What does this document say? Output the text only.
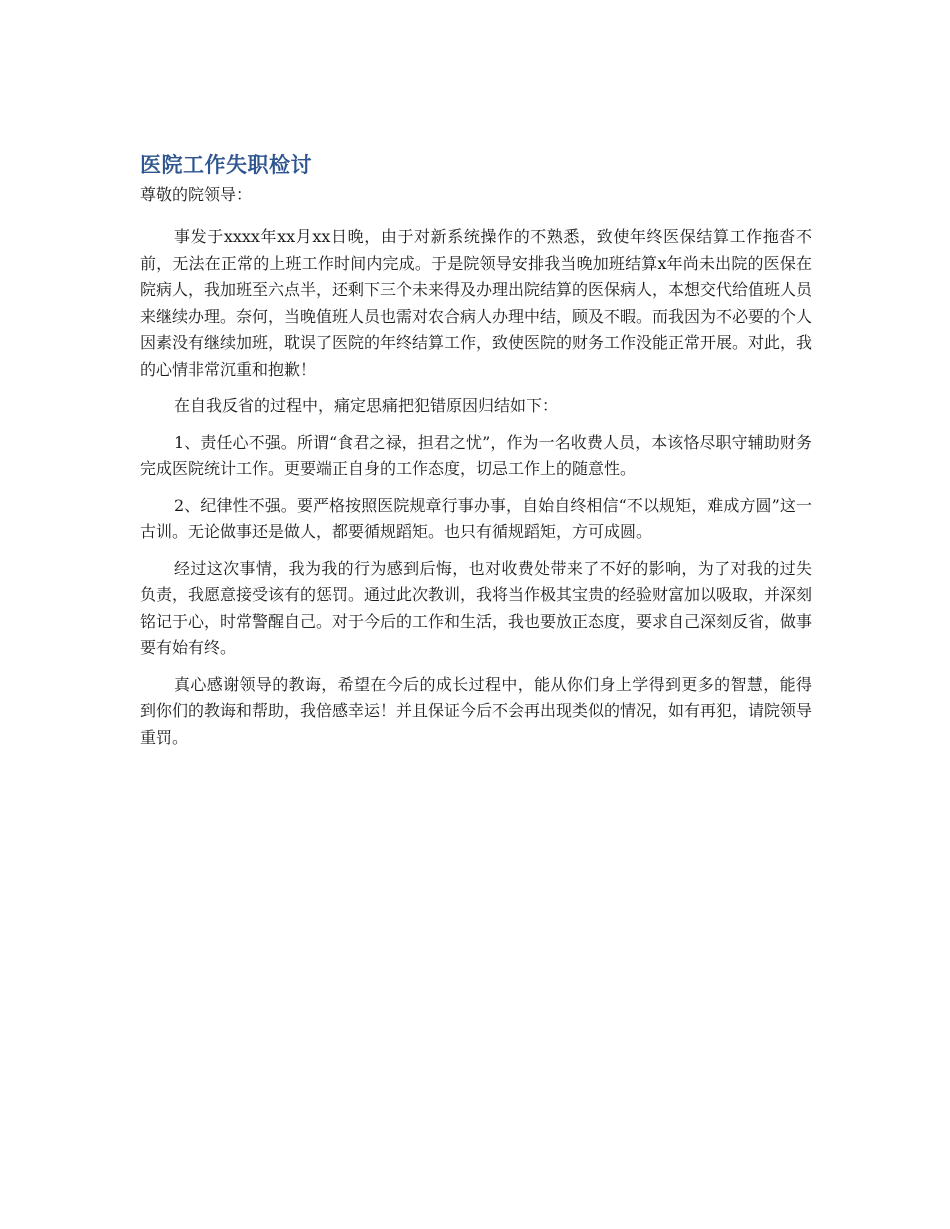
医院工作失职检讨

尊敬的院领导：

事发于xxxx年xx月xx日晚，由于对新系统操作的不熟悉，致使年终医保结算工作拖沓不前，无法在正常的上班工作时间内完成。于是院领导安排我当晚加班结算x年尚未出院的医保在院病人，我加班至六点半，还剩下三个未来得及办理出院结算的医保病人，本想交代给值班人员来继续办理。奈何，当晚值班人员也需对农合病人办理中结，顾及不暇。而我因为不必要的个人因素没有继续加班，耽误了医院的年终结算工作，致使医院的财务工作没能正常开展。对此，我的心情非常沉重和抱歉！

在自我反省的过程中，痛定思痛把犯错原因归结如下：

1、责任心不强。所谓“食君之禄，担君之忧”，作为一名收费人员，本该恪尽职守辅助财务完成医院统计工作。更要端正自身的工作态度，切忌工作上的随意性。

2、纪律性不强。要严格按照医院规章行事办事，自始自终相信“不以规矩，难成方圆”这一古训。无论做事还是做人，都要循规蹈矩。也只有循规蹈矩，方可成圆。

经过这次事情，我为我的行为感到后悔，也对收费处带来了不好的影响，为了对我的过失负责，我愿意接受该有的惩罚。通过此次教训，我将当作极其宝贵的经验财富加以吸取，并深刻铭记于心，时常警醒自己。对于今后的工作和生活，我也要放正态度，要求自己深刻反省，做事要有始有终。

真心感谢领导的教诲，希望在今后的成长过程中，能从你们身上学得到更多的智慧，能得到你们的教诲和帮助，我倍感幸运！并且保证今后不会再出现类似的情况，如有再犯，请院领导重罚。
